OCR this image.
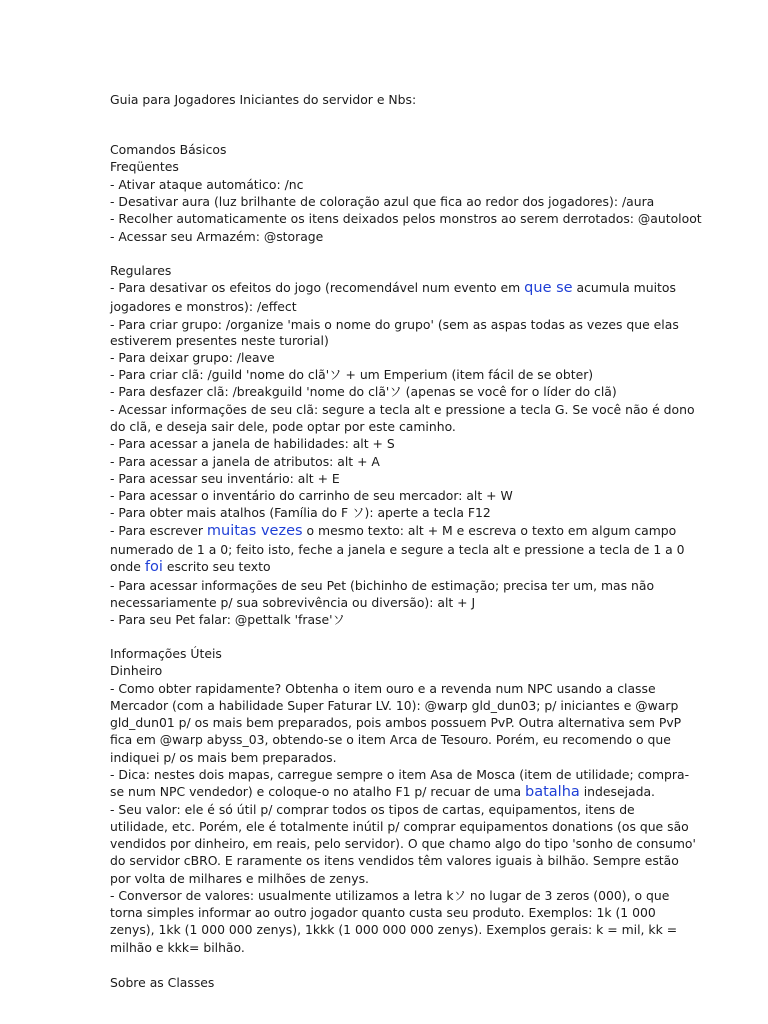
Guia para Jogadores Iniciantes do servidor e Nbs:
Comandos Básicos
Freqüentes
- Ativar ataque automático: /nc
- Desativar aura (luz brilhante de coloração azul que fica ao redor dos jogadores): /aura
- Recolher automaticamente os itens deixados pelos monstros ao serem derrotados: @autoloot
- Acessar seu Armazém: @storage
Regulares
- Para desativar os efeitos do jogo (recomendável num evento em que se acumula muitos
jogadores e monstros): /effect
- Para criar grupo: /organize 'mais o nome do grupo' (sem as aspas todas as vezes que elas
estiverem presentes neste turorial)
- Para deixar grupo: /leave
- Para criar clã: /guild 'nome do clã'ソ + um Emperium (item fácil de se obter)
- Para desfazer clã: /breakguild 'nome do clã'ソ (apenas se você for o líder do clã)
- Acessar informações de seu clã: segure a tecla alt e pressione a tecla G. Se você não é dono
do clã, e deseja sair dele, pode optar por este caminho.
- Para acessar a janela de habilidades: alt + S
- Para acessar a janela de atributos: alt + A
- Para acessar seu inventário: alt + E
- Para acessar o inventário do carrinho de seu mercador: alt + W
- Para obter mais atalhos (Família do F ソ): aperte a tecla F12
- Para escrever muitas vezes o mesmo texto: alt + M e escreva o texto em algum campo
numerado de 1 a 0; feito isto, feche a janela e segure a tecla alt e pressione a tecla de 1 a 0
onde foi escrito seu texto
- Para acessar informações de seu Pet (bichinho de estimação; precisa ter um, mas não
necessariamente p/ sua sobrevivência ou diversão): alt + J
- Para seu Pet falar: @pettalk 'frase'ソ
Informações Úteis
Dinheiro
- Como obter rapidamente? Obtenha o item ouro e a revenda num NPC usando a classe
Mercador (com a habilidade Super Faturar LV. 10): @warp gld_dun03; p/ iniciantes e @warp
gld_dun01 p/ os mais bem preparados, pois ambos possuem PvP. Outra alternativa sem PvP
fica em @warp abyss_03, obtendo-se o item Arca de Tesouro. Porém, eu recomendo o que
indiquei p/ os mais bem preparados.
- Dica: nestes dois mapas, carregue sempre o item Asa de Mosca (item de utilidade; compra-
se num NPC vendedor) e coloque-o no atalho F1 p/ recuar de uma batalha indesejada.
- Seu valor: ele é só útil p/ comprar todos os tipos de cartas, equipamentos, itens de
utilidade, etc. Porém, ele é totalmente inútil p/ comprar equipamentos donations (os que são
vendidos por dinheiro, em reais, pelo servidor). O que chamo algo do tipo 'sonho de consumo'
do servidor cBRO. E raramente os itens vendidos têm valores iguais à bilhão. Sempre estão
por volta de milhares e milhões de zenys.
- Conversor de valores: usualmente utilizamos a letra kソ no lugar de 3 zeros (000), o que
torna simples informar ao outro jogador quanto custa seu produto. Exemplos: 1k (1 000
zenys), 1kk (1 000 000 zenys), 1kkk (1 000 000 000 zenys). Exemplos gerais: k = mil, kk =
milhão e kkk= bilhão.
Sobre as Classes
